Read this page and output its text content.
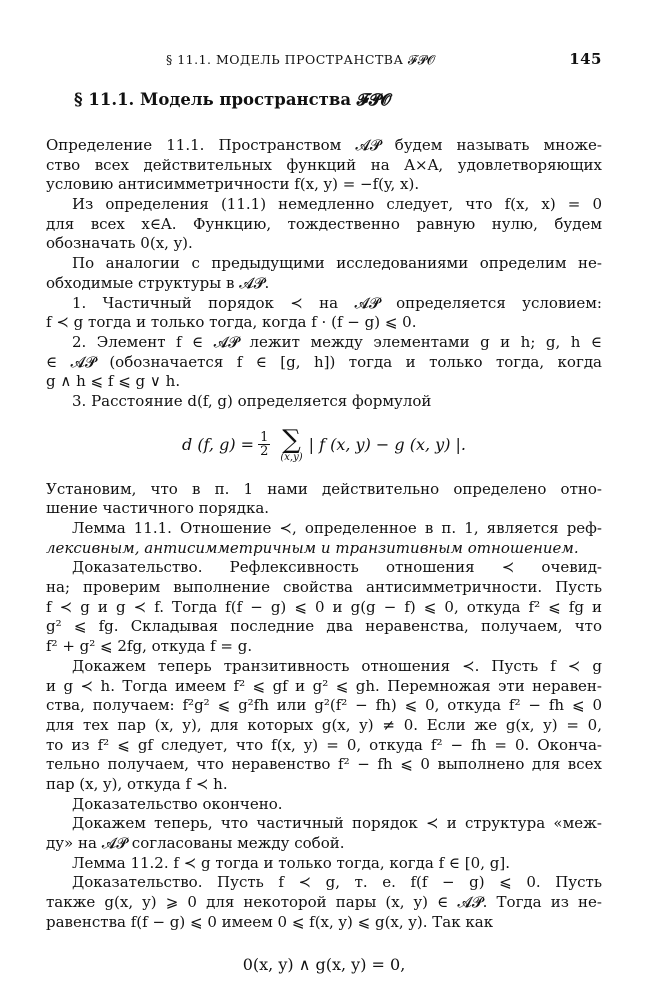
§ 11.1. МОДЕЛЬ ПРОСТРАНСТВА 𝓕𝓟𝓞	145
§ 11.1. Модель пространства 𝓕𝓟𝓞
Определение 11.1. Пространством 𝓐𝓟 будем называть множе-
ство всех действительных функций на A×A, удовлетворяющих
условию антисимметричности f(x, y) = −f(y, x).
Из определения (11.1) немедленно следует, что f(x, x) = 0
для всех x∈A. Функцию, тождественно равную нулю, будем
обозначать 0(x, y).
По аналогии с предыдущими исследованиями определим не-
обходимые структуры в 𝓐𝓟.
1. Частичный порядок ≺ на 𝓐𝓟 определяется условием:
f ≺ g тогда и только тогда, когда f · (f − g) ⩽ 0.
2. Элемент f ∈ 𝓐𝓟 лежит между элементами g и h; g, h ∈
∈ 𝓐𝓟 (обозначается f ∈ [g, h]) тогда и только тогда, когда
g ∧ h ⩽ f ⩽ g ∨ h.
3. Расстояние d(f, g) определяется формулой
d (f, $g) = \frac{1}{2}$ ∑
(x,y)
| f (x, y) − g (x, y) |.
Установим, что в п. 1 нами действительно определено отно-
шение частичного порядка.
Лемма 11.1. Отношение ≺, определенное в п. 1, является реф-
лексивным, антисимметричным и транзитивным отношением.
Доказательство. Рефлексивность отношения ≺ очевид-
на; проверим выполнение свойства антисимметричности. Пусть
f ≺ g и g ≺ f. Тогда f(f − g) ⩽ 0 и g(g − f) ⩽ 0, откуда f² ⩽ fg и
g² ⩽ fg. Складывая последние два неравенства, получаем, что
f² + g² ⩽ 2fg, откуда f = g.
Докажем теперь транзитивность отношения ≺. Пусть f ≺ g
и g ≺ h. Тогда имеем f² ⩽ gf и g² ⩽ gh. Перемножая эти неравен-
ства, получаем: f²g² ⩽ g²fh или g²(f² − fh) ⩽ 0, откуда f² − fh ⩽ 0
для тех пар (x, y), для которых g(x, y) ≠ 0. Если же g(x, y) = 0,
то из f² ⩽ gf следует, что f(x, y) = 0, откуда f² − fh = 0. Оконча-
тельно получаем, что неравенство f² − fh ⩽ 0 выполнено для всех
пар (x, y), откуда f ≺ h.
Доказательство окончено.
Докажем теперь, что частичный порядок ≺ и структура «меж-
ду» на 𝓐𝓟 согласованы между собой.
Лемма 11.2. f ≺ g тогда и только тогда, когда f ∈ [0, g].
Доказательство. Пусть f ≺ g, т. е. f(f − g) ⩽ 0. Пусть
также g(x, y) ⩾ 0 для некоторой пары (x, y) ∈ 𝓐𝓟. Тогда из не-
равенства f(f − g) ⩽ 0 имеем 0 ⩽ f(x, y) ⩽ g(x, y). Так как
0(x, y) ∧ g(x, y) = 0,
